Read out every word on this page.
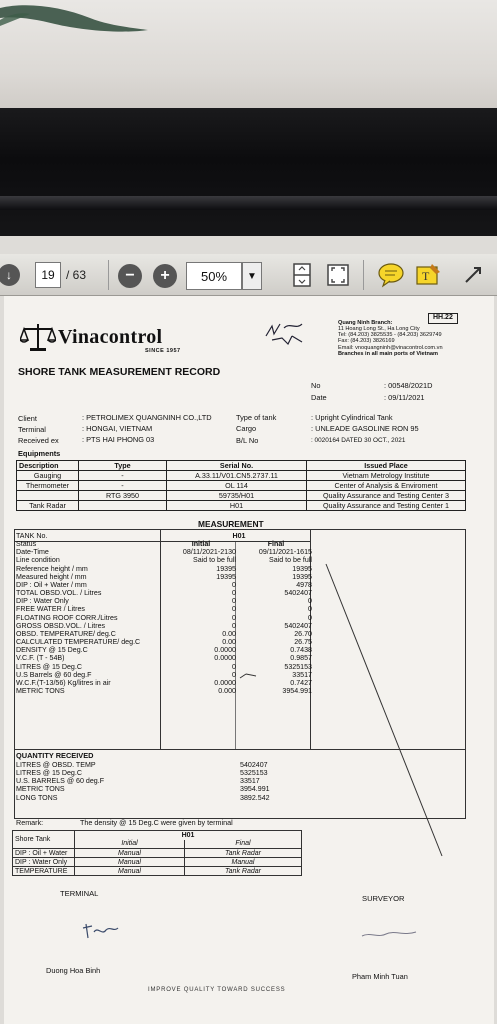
↓	−	+	T
19 / 63	50%	▼
Vinacontrol
SINCE 1957
HH.22
Quang Ninh Branch:
11 Hoang Long St., Ha Long City
Tel: (84.203) 3825535 - (84.203) 3629749
Fax: (84.203) 3826169
Email: vnoquangninh@vinacontrol.com.vn
Branches in all main ports of Vietnam
SHORE TANK MEASUREMENT RECORD
No	: 00548/2021D
Date	: 09/11/2021
Client	: PETROLIMEX QUANGNINH CO.,LTD
Terminal	: HONGAI, VIETNAM
Received ex	: PTS HAI PHONG 03
Type of tank	: Upright Cylindrical Tank
Cargo	: UNLEADE GASOLINE RON 95
B/L No	: 0020164 DATED 30 OCT., 2021
Equipments
Description	Type	Serial No.	Issued Place
Gauging	-	A.33.11/V01.CN5.2737.11	Vietnam Metrology Institute
Thermometer	-	OL 114	Center of Analysis & Enviroment
	RTG 3950	59735/H01	Quality Assurance and Testing Center 3
Tank Radar		H01	Quality Assurance and Testing Center 1
MEASUREMENT
TANK No.	H01	
Status	Initial	Final
Date-Time	08/11/2021-2130	09/11/2021-1615
Line condition	Said to be full	Said to be full
Reference height / mm	19395	19395
Measured height / mm	19395	19395
DIP : Oil + Water / mm	0	4978
TOTAL OBSD.VOL. / Litres	0	5402407
DIP : Water Only	0	0
FREE WATER / Litres	0	0
FLOATING ROOF CORR./Litres	0	0
GROSS OBSD.VOL. / Litres	0	5402407
OBSD. TEMPERATURE/ deg.C	0.00	26.70
CALCULATED TEMPERATURE/ deg.C	0.00	26.75
DENSITY @ 15 Deg.C	0.0000	0.7438
V.C.F. (T - 54B)	0.0000	0.9857
LITRES @ 15 Deg.C	0	5325153
U.S Barrels @ 60 deg.F	0	33517
W.C.F.(T-13/56) Kg/litres in air	0.0000	0.7427
METRIC TONS	0.000	3954.991
QUANTITY RECEIVED
LITRES @ OBSD. TEMP		5402407
LITRES @ 15 Deg.C		5325153
U.S. BARRELS @ 60 deg.F		33517
METRIC TONS		3954.991
LONG TONS		3892.542
Remark:	The density @ 15 Deg.C were given by terminal
Shore Tank	H01	
	Initial	Final
DIP : Oil + Water	Manual	Tank Radar
DIP : Water Only	Manual	Manual
TEMPERATURE	Manual	Tank Radar
TERMINAL
SURVEYOR
Duong Hoa Binh
Pham Minh Tuan
IMPROVE QUALITY TOWARD SUCCESS
